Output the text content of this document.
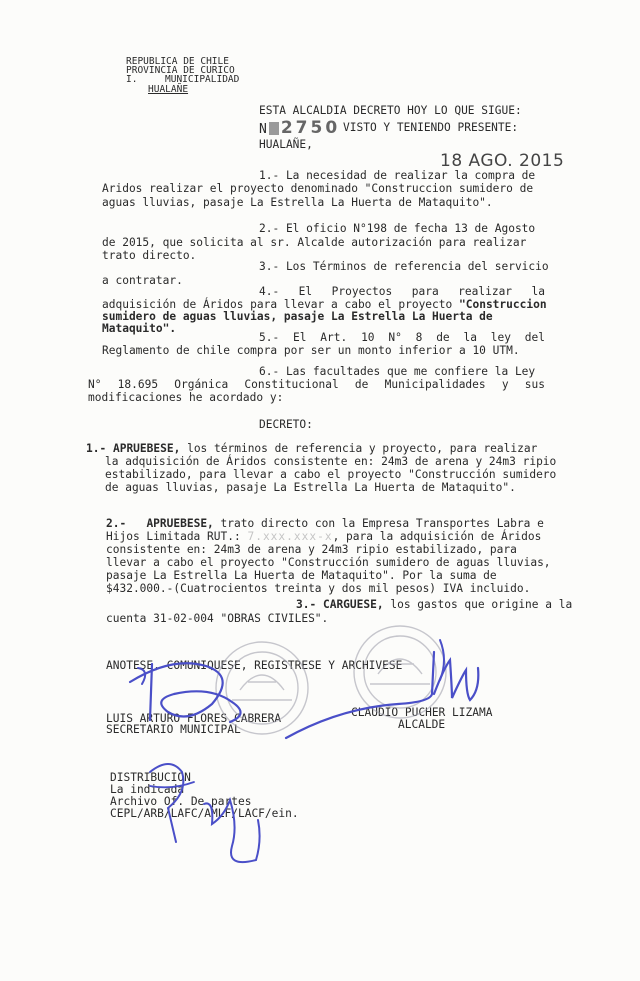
REPUBLICA DE CHILE
PROVINCIA DE CURICO
I.	MUNICIPALIDAD
HUALAÑE
ESTA ALCALDIA DECRETO HOY LO QUE SIGUE:
N 2750 VISTO Y TENIENDO PRESENTE:
HUALAÑE,
18 AGO. 2015
1.- La necesidad de realizar la compra de
Aridos realizar el proyecto denominado "Construccion sumidero de
aguas lluvias, pasaje La Estrella La Huerta de Mataquito".
2.- El oficio N°198 de fecha 13 de Agosto
de 2015, que solicita al sr. Alcalde autorización para realizar
trato directo.
3.- Los Términos de referencia del servicio
a contratar.
4.- El Proyectos para realizar la
adquisición de Áridos para llevar a cabo el proyecto "Construccion
sumidero de aguas lluvias, pasaje La Estrella La Huerta de
Mataquito".
5.- El Art. 10 N° 8 de la ley del
Reglamento de chile compra por ser un monto inferior a 10 UTM.
6.- Las facultades que me confiere la Ley
N° 18.695 Orgánica Constitucional de Municipalidades y sus
modificaciones he acordado y:
DECRETO:
1.- APRUEBESE, los términos de referencia y proyecto, para realizar
la adquisición de Áridos consistente en: 24m3 de arena y 24m3 ripio
estabilizado, para llevar a cabo el proyecto "Construcción sumidero
de aguas lluvias, pasaje La Estrella La Huerta de Mataquito".
2.- APRUEBESE, trato directo con la Empresa Transportes Labra e
Hijos Limitada RUT.: 7.xxx.xxx-x, para la adquisición de Áridos
consistente en: 24m3 de arena y 24m3 ripio estabilizado, para
llevar a cabo el proyecto "Construcción sumidero de aguas lluvias,
pasaje La Estrella La Huerta de Mataquito". Por la suma de
$432.000.-(Cuatrocientos treinta y dos mil pesos) IVA incluido.
3.- CARGUESE, los gastos que origine a la
cuenta 31-02-004 "OBRAS CIVILES".
ANOTESE, COMUNIQUESE, REGISTRESE Y ARCHIVESE
LUIS ARTURO FLORES CABRERA
SECRETARIO MUNICIPAL
CLAUDIO PUCHER LIZAMA
ALCALDE
DISTRIBUCION
La indicada
Archivo Of. De partes
CEPL/ARB/LAFC/AMLF/LACF/ein.
